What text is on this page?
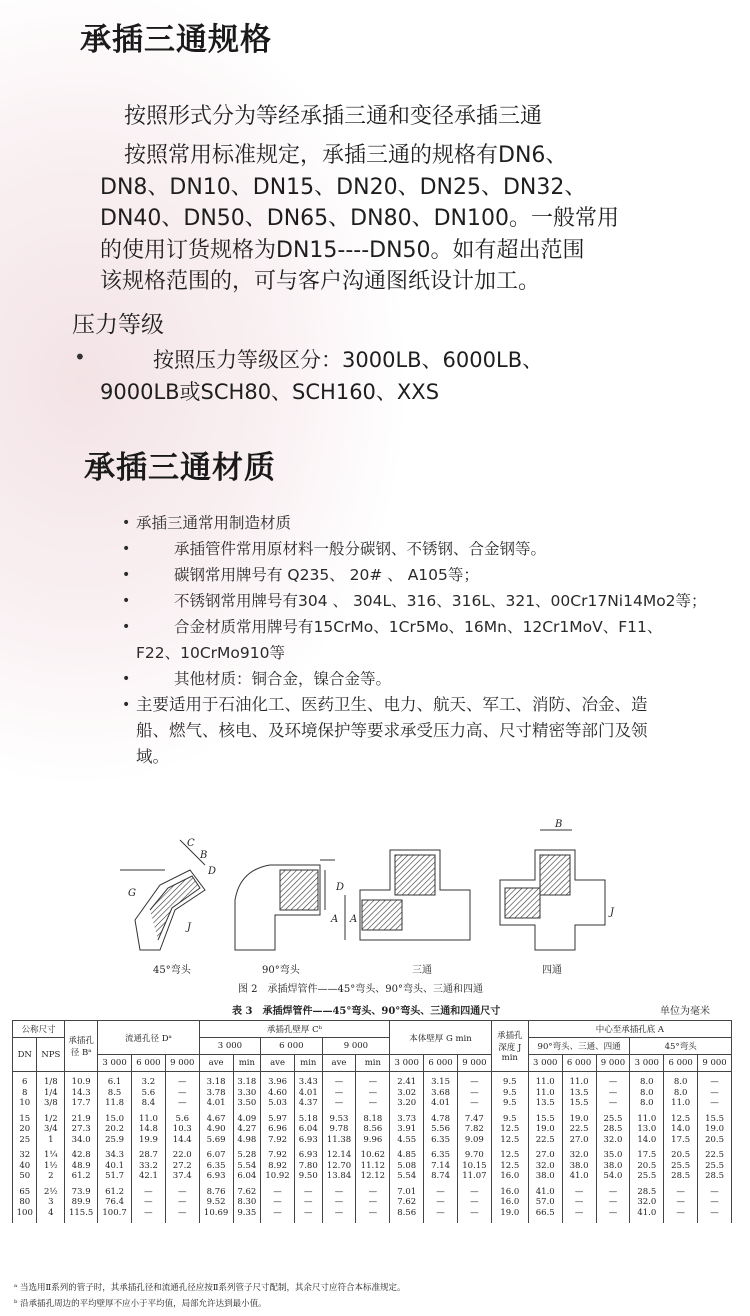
承插三通规格
按照形式分为等经承插三通和变径承插三通
按照常用标准规定，承插三通的规格有DN6、
DN8、DN10、DN15、DN20、DN25、DN32、
DN40、DN50、DN65、DN80、DN100。一般常用
的使用订货规格为DN15----DN50。如有超出范围
该规格范围的，可与客户沟通图纸设计加工。
压力等级
•	按照压力等级区分：3000LB、6000LB、
9000LB或SCH80、SCH160、XXS
承插三通材质
• 承插三通常用制造材质
•	承插管件常用原材料一般分碳钢、不锈钢、合金钢等。
•	碳钢常用牌号有 Q235、 20# 、 A105等；
•	不锈钢常用牌号有304 、 304L、316、316L、321、00Cr17Ni14Mo2等；
•	合金材质常用牌号有15CrMo、1Cr5Mo、16Mn、12Cr1MoV、F11、
F22、10CrMo910等
•	其他材质：铜合金，镍合金等。
• 主要适用于石油化工、医药卫生、电力、航天、军工、消防、冶金、造
船、燃气、核电、及环境保护等要求承受压力高、尺寸精密等部门及领
域。
C
G
B
D
J
D
A A
B
J
45°弯头	90°弯头	三通	四通
图 2　承插焊管件——45°弯头、90°弯头、三通和四通
表 3　承插焊管件——45°弯头、90°弯头、三通和四通尺寸	单位为毫米
公称尺寸		承插孔径 Bᵃ	流通孔径 Dᵃ			承插孔壁厚 Cᵇ						本体壁厚 G min			承插孔深度 J min	中心至承插孔底 A					
DN	NPS					3 000		6 000		9 000						90°弯头、三通、四通			45°弯头		
			3 000	6 000	9 000	ave	min	ave	min	ave	min	3 000	6 000	9 000		3 000	6 000	9 000	3 000	6 000	9 000

6	1/8	10.9	6.1	3.2	—	3.18	3.18	3.96	3.43	—	—	2.41	3.15	—	9.5	11.0	11.0	—	8.0	8.0	—
8	1/4	14.3	8.5	5.6	—	3.78	3.30	4.60	4.01	—	—	3.02	3.68	—	9.5	11.0	13.5	—	8.0	8.0	—
10	3/8	17.7	11.8	8.4	—	4.01	3.50	5.03	4.37	—	—	3.20	4.01	—	9.5	13.5	15.5	—	8.0	11.0	—

15	1/2	21.9	15.0	11.0	5.6	4.67	4.09	5.97	5.18	9.53	8.18	3.73	4.78	7.47	9.5	15.5	19.0	25.5	11.0	12.5	15.5
20	3/4	27.3	20.2	14.8	10.3	4.90	4.27	6.96	6.04	9.78	8.56	3.91	5.56	7.82	12.5	19.0	22.5	28.5	13.0	14.0	19.0
25	1	34.0	25.9	19.9	14.4	5.69	4.98	7.92	6.93	11.38	9.96	4.55	6.35	9.09	12.5	22.5	27.0	32.0	14.0	17.5	20.5

32	1¼	42.8	34.3	28.7	22.0	6.07	5.28	7.92	6.93	12.14	10.62	4.85	6.35	9.70	12.5	27.0	32.0	35.0	17.5	20.5	22.5
40	1½	48.9	40.1	33.2	27.2	6.35	5.54	8.92	7.80	12.70	11.12	5.08	7.14	10.15	12.5	32.0	38.0	38.0	20.5	25.5	25.5
50	2	61.2	51.7	42.1	37.4	6.93	6.04	10.92	9.50	13.84	12.12	5.54	8.74	11.07	16.0	38.0	41.0	54.0	25.5	28.5	28.5

65	2½	73.9	61.2	—	—	8.76	7.62	—	—	—	—	7.01	—	—	16.0	41.0	—	—	28.5	—	—
80	3	89.9	76.4	—	—	9.52	8.30	—	—	—	—	7.62	—	—	16.0	57.0	—	—	32.0	—	—
100	4	115.5	100.7	—	—	10.69	9.35	—	—	—	—	8.56	—	—	19.0	66.5	—	—	41.0	—	—

ᵃ 当选用Ⅱ系列的管子时，其承插孔径和流通孔径应按Ⅱ系列管子尺寸配制，其余尺寸应符合本标准规定。
ᵇ 沿承插孔周边的平均壁厚不应小于平均值，局部允许达到最小值。
